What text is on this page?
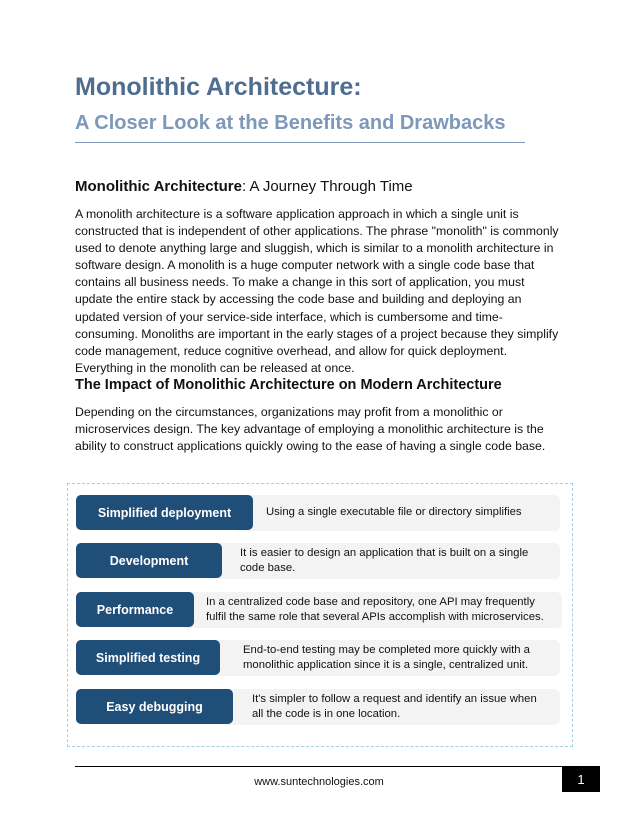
Monolithic Architecture:
A Closer Look at the Benefits and Drawbacks

Monolithic Architecture: A Journey Through Time

A monolith architecture is a software application approach in which a single unit is constructed that is independent of other applications. The phrase "monolith" is commonly used to denote anything large and sluggish, which is similar to a monolith architecture in software design. A monolith is a huge computer network with a single code base that contains all business needs. To make a change in this sort of application, you must update the entire stack by accessing the code base and building and deploying an updated version of your service-side interface, which is cumbersome and time-consuming. Monoliths are important in the early stages of a project because they simplify code management, reduce cognitive overhead, and allow for quick deployment. Everything in the monolith can be released at once.

The Impact of Monolithic Architecture on Modern Architecture

Depending on the circumstances, organizations may profit from a monolithic or microservices design. The key advantage of employing a monolithic architecture is the ability to construct applications quickly owing to the ease of having a single code base.

Using a single executable file or directory simplifies
Simplified deployment
It is easier to design an application that is built on a single code base.
Development
In a centralized code base and repository, one API may frequently fulfil the same role that several APIs accomplish with microservices.
Performance
End-to-end testing may be completed more quickly with a monolithic application since it is a single, centralized unit.
Simplified testing
It's simpler to follow a request and identify an issue when all the code is in one location.
Easy debugging
www.suntechnologies.com	1
